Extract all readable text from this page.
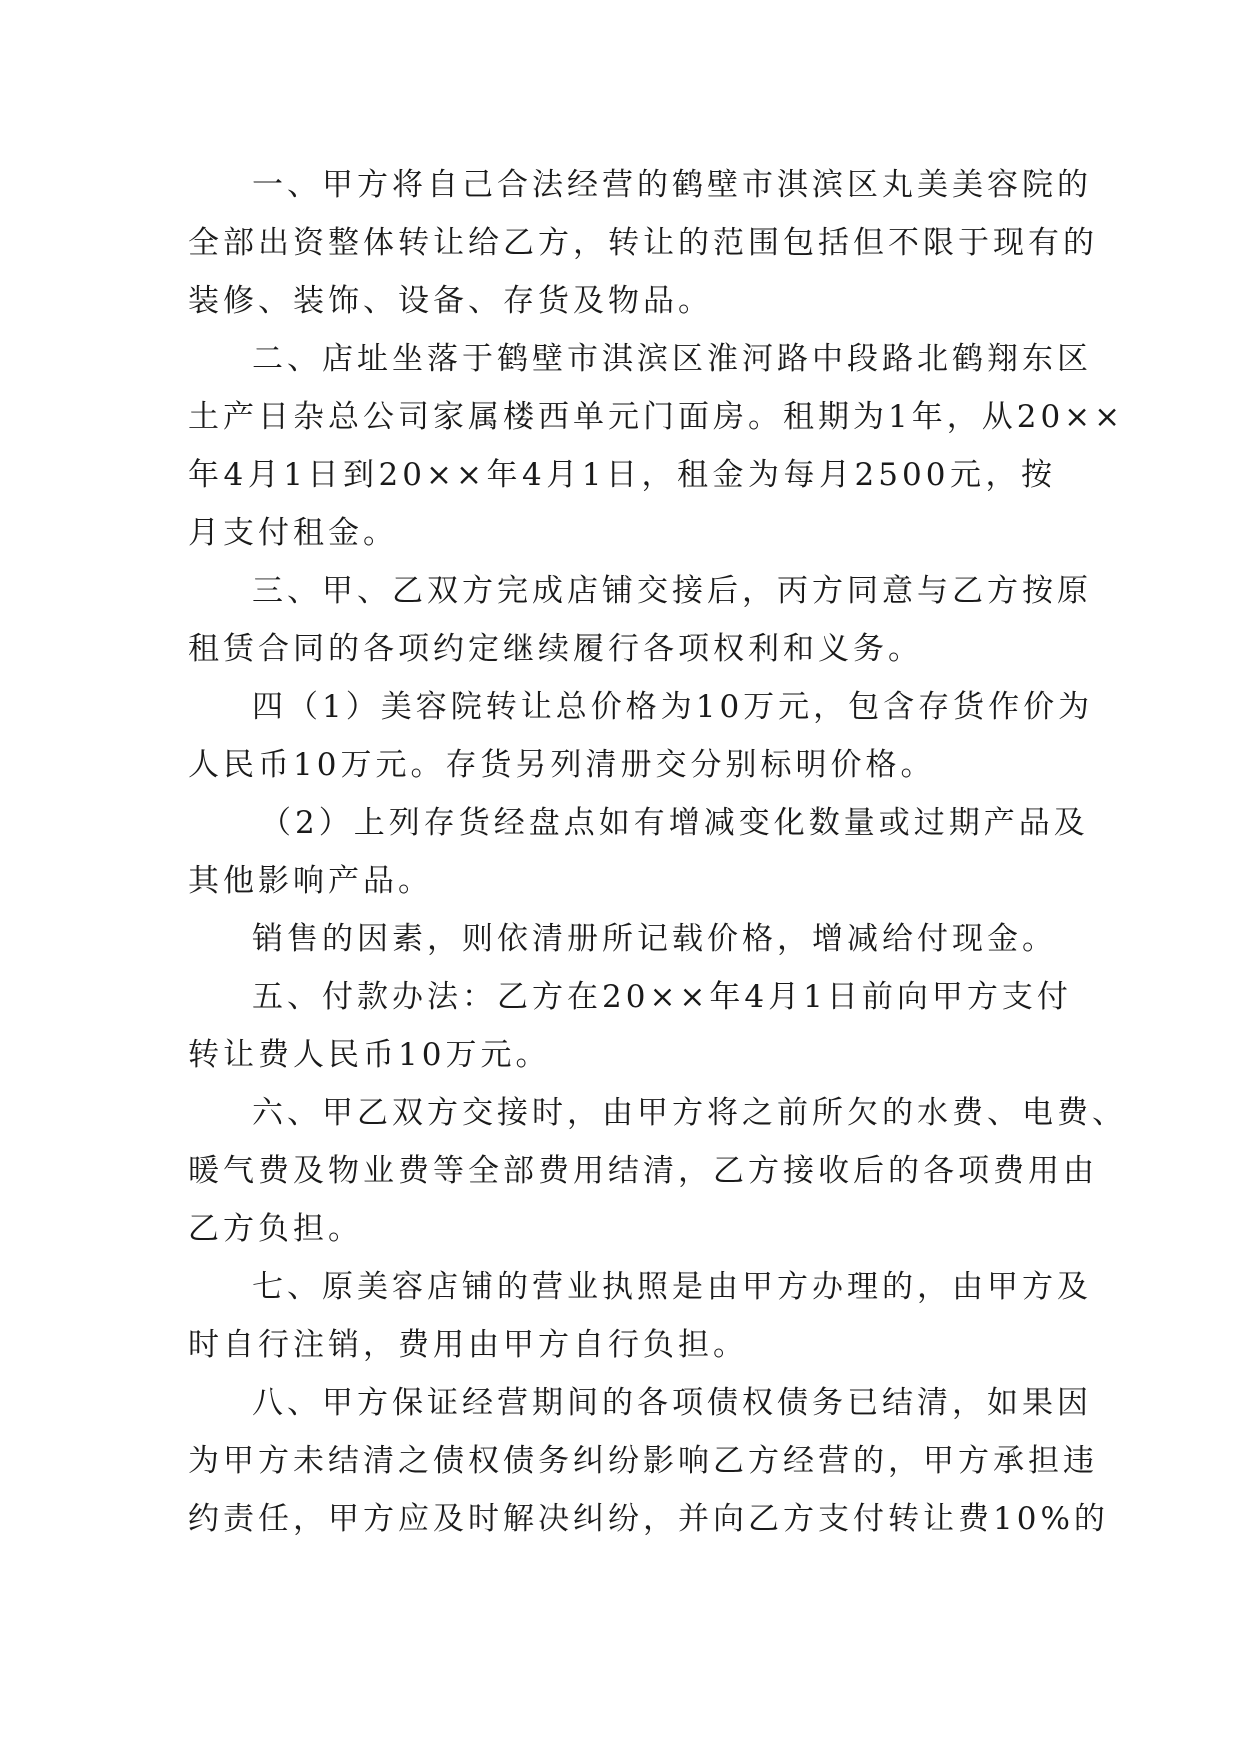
一、甲方将自己合法经营的鹤壁市淇滨区丸美美容院的
全部出资整体转让给乙方，转让的范围包括但不限于现有的
装修、装饰、设备、存货及物品。
二、店址坐落于鹤壁市淇滨区淮河路中段路北鹤翔东区
土产日杂总公司家属楼西单元门面房。租期为1年，从20××
年4月1日到20××年4月1日，租金为每月2500元，按
月支付租金。
三、甲、乙双方完成店铺交接后，丙方同意与乙方按原
租赁合同的各项约定继续履行各项权利和义务。
四（1）美容院转让总价格为10万元，包含存货作价为
人民币10万元。存货另列清册交分别标明价格。
（2）上列存货经盘点如有增减变化数量或过期产品及
其他影响产品。
销售的因素，则依清册所记载价格，增减给付现金。
五、付款办法：乙方在20××年4月1日前向甲方支付
转让费人民币10万元。
六、甲乙双方交接时，由甲方将之前所欠的水费、电费、
暖气费及物业费等全部费用结清，乙方接收后的各项费用由
乙方负担。
七、原美容店铺的营业执照是由甲方办理的，由甲方及
时自行注销，费用由甲方自行负担。
八、甲方保证经营期间的各项债权债务已结清，如果因
为甲方未结清之债权债务纠纷影响乙方经营的，甲方承担违
约责任，甲方应及时解决纠纷，并向乙方支付转让费10%的
